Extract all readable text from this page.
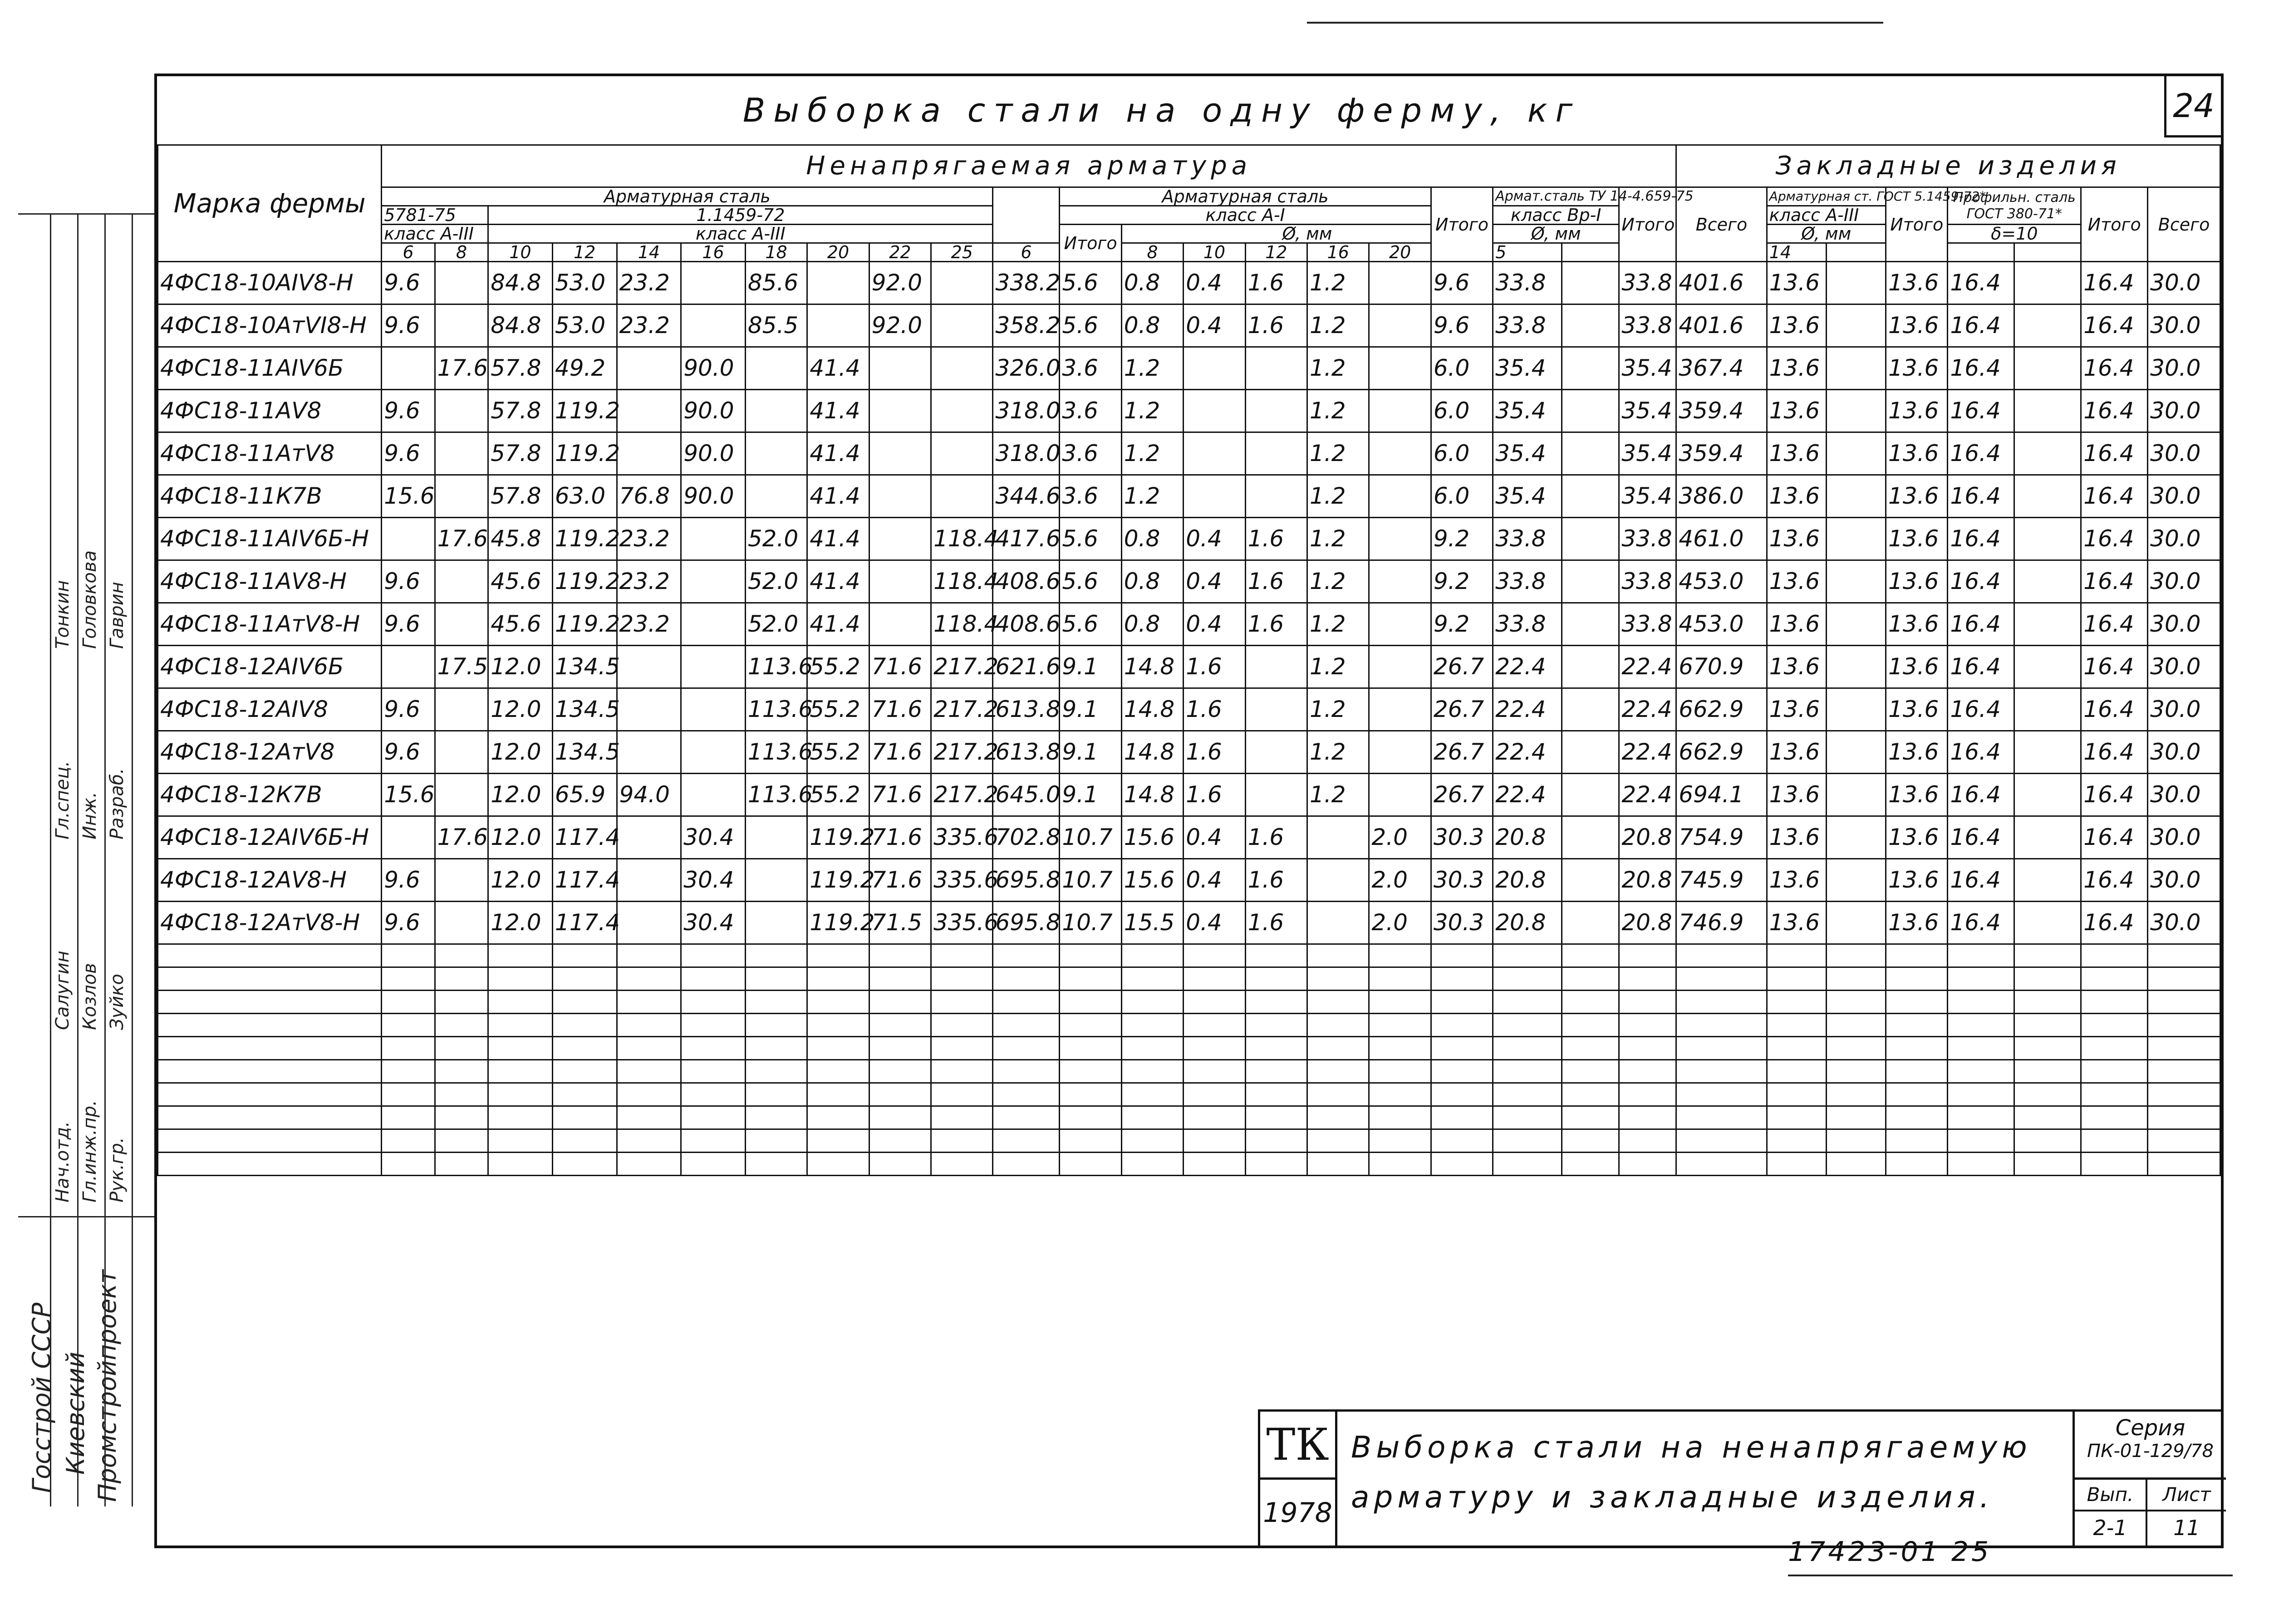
Госстрой СССР Киевский Промстройпроект
Нач.отд. Гл.инж.пр. Рук.гр.
Салугин Козлов Зуйко
Гл.спец. Инж. Разраб.
Тонкин Головкова Гаврин
Выборка стали на одну ферму, кг	24
Марка фермы	Ненапрягаемая арматура																					Закладные изделия							
	Арматурная сталь											Арматурная сталь						Итого	Армат.сталь ТУ 14-4.659-75		Итого	Всего	Арматурная ст. ГОСТ 5.1459-72*		Итого	Профильн. сталь ГОСТ 380-71*		Итого	Всего
	5781-75		1.1459-72									класс A-I							класс Вр-I				класс A-III						
	класс A-III		класс A-III									Итого	Ø, мм						Ø, мм				Ø, мм			δ=10			
	6	8	10	12	14	16	18	20	22	25	6		8	10	12	16	20		5				14						
4ФС18-10АIV8-Н	9.6		84.8	53.0	23.2		85.6		92.0		338.2	5.6	0.8	0.4	1.6	1.2		9.6	33.8		33.8	401.6	13.6		13.6	16.4		16.4	30.0
4ФС18-10АтVI8-Н	9.6		84.8	53.0	23.2		85.5		92.0		358.2	5.6	0.8	0.4	1.6	1.2		9.6	33.8		33.8	401.6	13.6		13.6	16.4		16.4	30.0
4ФС18-11АIV6Б		17.6	57.8	49.2		90.0		41.4			326.0	3.6	1.2			1.2		6.0	35.4		35.4	367.4	13.6		13.6	16.4		16.4	30.0
4ФС18-11АV8	9.6		57.8	119.2		90.0		41.4			318.0	3.6	1.2			1.2		6.0	35.4		35.4	359.4	13.6		13.6	16.4		16.4	30.0
4ФС18-11АтV8	9.6		57.8	119.2		90.0		41.4			318.0	3.6	1.2			1.2		6.0	35.4		35.4	359.4	13.6		13.6	16.4		16.4	30.0
4ФС18-11К7В	15.6		57.8	63.0	76.8	90.0		41.4			344.6	3.6	1.2			1.2		6.0	35.4		35.4	386.0	13.6		13.6	16.4		16.4	30.0
4ФС18-11АIV6Б-Н		17.6	45.8	119.2	23.2		52.0	41.4		118.4	417.6	5.6	0.8	0.4	1.6	1.2		9.2	33.8		33.8	461.0	13.6		13.6	16.4		16.4	30.0
4ФС18-11АV8-Н	9.6		45.6	119.2	23.2		52.0	41.4		118.4	408.6	5.6	0.8	0.4	1.6	1.2		9.2	33.8		33.8	453.0	13.6		13.6	16.4		16.4	30.0
4ФС18-11АтV8-Н	9.6		45.6	119.2	23.2		52.0	41.4		118.4	408.6	5.6	0.8	0.4	1.6	1.2		9.2	33.8		33.8	453.0	13.6		13.6	16.4		16.4	30.0
4ФС18-12АIV6Б		17.5	12.0	134.5			113.6	55.2	71.6	217.2	621.6	9.1	14.8	1.6		1.2		26.7	22.4		22.4	670.9	13.6		13.6	16.4		16.4	30.0
4ФС18-12АIV8	9.6		12.0	134.5			113.6	55.2	71.6	217.2	613.8	9.1	14.8	1.6		1.2		26.7	22.4		22.4	662.9	13.6		13.6	16.4		16.4	30.0
4ФС18-12АтV8	9.6		12.0	134.5			113.6	55.2	71.6	217.2	613.8	9.1	14.8	1.6		1.2		26.7	22.4		22.4	662.9	13.6		13.6	16.4		16.4	30.0
4ФС18-12К7В	15.6		12.0	65.9	94.0		113.6	55.2	71.6	217.2	645.0	9.1	14.8	1.6		1.2		26.7	22.4		22.4	694.1	13.6		13.6	16.4		16.4	30.0
4ФС18-12АIV6Б-Н		17.6	12.0	117.4		30.4		119.2	71.6	335.6	702.8	10.7	15.6	0.4	1.6		2.0	30.3	20.8		20.8	754.9	13.6		13.6	16.4		16.4	30.0
4ФС18-12АV8-Н	9.6		12.0	117.4		30.4		119.2	71.6	335.6	695.8	10.7	15.6	0.4	1.6		2.0	30.3	20.8		20.8	745.9	13.6		13.6	16.4		16.4	30.0
4ФС18-12АтV8-Н	9.6		12.0	117.4		30.4		119.2	71.5	335.6	695.8	10.7	15.5	0.4	1.6		2.0	30.3	20.8		20.8	746.9	13.6		13.6	16.4		16.4	30.0

ТК
1978
Выборка стали на ненапрягаемую
арматуру и закладные изделия.
Серия
ПК-01-129/78
Вып.
2-1
Лист
11
17423-01 25
